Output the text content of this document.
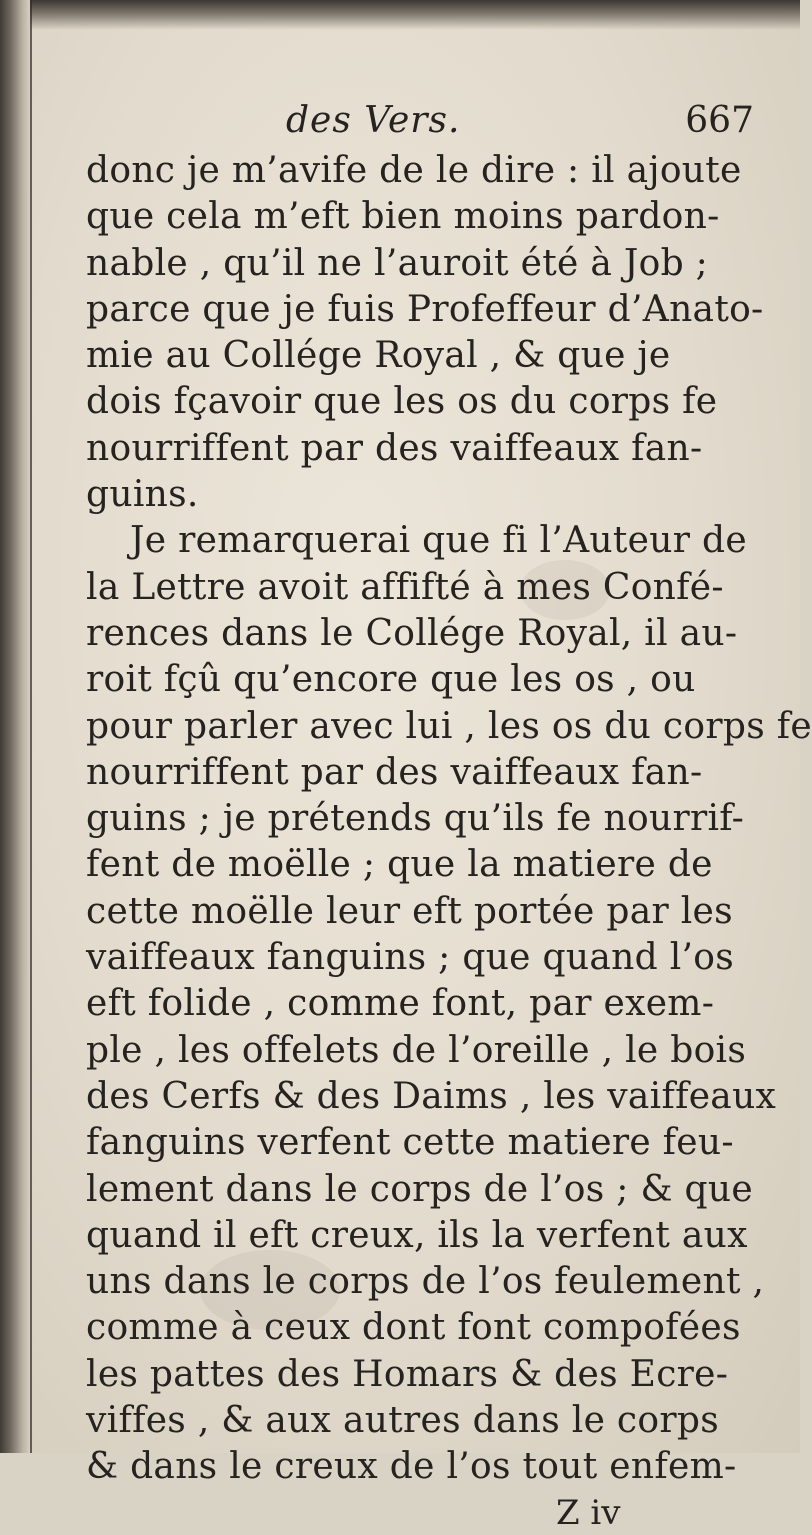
des Vers.	667
donc je m’avife de le dire : il ajoute
que cela m’eft bien moins pardon-
nable , qu’il ne l’auroit été à Job ;
parce que je fuis Profeffeur d’Anato-
mie au Collége Royal , & que je
dois fçavoir que les os du corps fe
nourriffent par des vaiffeaux fan-
guins.
Je remarquerai que fi l’Auteur de
la Lettre avoit affifté à mes Confé-
rences dans le Collége Royal, il au-
roit fçû qu’encore que les os , ou
pour parler avec lui , les os du corps fe
nourriffent par des vaiffeaux fan-
guins ; je prétends qu’ils fe nourrif-
fent de moëlle ; que la matiere de
cette moëlle leur eft portée par les
vaiffeaux fanguins ; que quand l’os
eft folide , comme font, par exem-
ple , les offelets de l’oreille , le bois
des Cerfs & des Daims , les vaiffeaux
fanguins verfent cette matiere feu-
lement dans le corps de l’os ; & que
quand il eft creux, ils la verfent aux
uns dans le corps de l’os feulement ,
comme à ceux dont font compofées
les pattes des Homars & des Ecre-
viffes , & aux autres dans le corps
& dans le creux de l’os tout enfem-
Z iv
